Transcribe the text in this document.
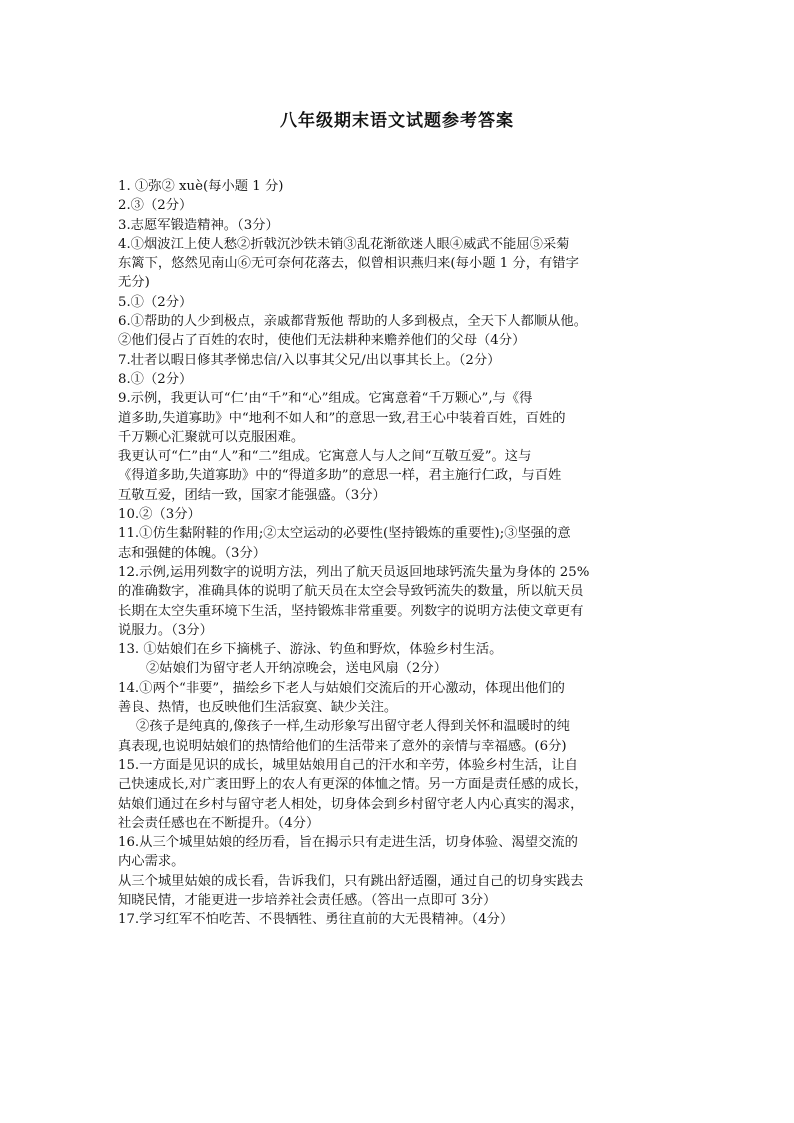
八年级期末语文试题参考答案
1. ①弥② xuè(每小题 1 分)
2.③（2分）
3.志愿军锻造精神。（3分）
4.①烟波江上使人愁②折戟沉沙铁未销③乱花渐欲迷人眼④威武不能屈⑤采菊
东篱下，悠然见南山⑥无可奈何花落去，似曾相识燕归来(每小题 1 分，有错字
无分)
5.①（2分）
6.①帮助的人少到极点，亲戚都背叛他 帮助的人多到极点，全天下人都顺从他。
②他们侵占了百姓的农时，使他们无法耕种来赡养他们的父母（4分）
7.壮者以暇日修其孝悌忠信/入以事其父兄/出以事其长上。（2分）
8.①（2分）
9.示例，我更认可“仁’由“千”和“心”组成。它寓意着“千万颗心”,与《得
道多助,失道寡助》中“地利不如人和”的意思一致,君王心中装着百姓，百姓的
千万颗心汇聚就可以克服困难。
我更认可“仁”由“人”和“二”组成。它寓意人与人之间“互敬互爱”。这与
《得道多助,失道寡助》中的“得道多助”的意思一样，君主施行仁政，与百姓
互敬互爱，团结一致，国家才能强盛。（3分）
10.②（3分）
11.①仿生黏附鞋的作用;②太空运动的必要性(坚持锻炼的重要性);③坚强的意
志和强健的体魄。（3分）
12.示例,运用列数字的说明方法，列出了航天员返回地球钙流失量为身体的 25%
的准确数字，准确具体的说明了航天员在太空会导致钙流失的数量，所以航天员
长期在太空失重环境下生活，坚持锻炼非常重要。列数字的说明方法使文章更有
说服力。（3分）
13. ①姑娘们在乡下摘桃子、游泳、钓鱼和野炊，体验乡村生活。
②姑娘们为留守老人开纳凉晚会，送电风扇（2分）
14.①两个“非要”，描绘乡下老人与姑娘们交流后的开心激动，体现出他们的
善良、热情，也反映他们生活寂寞、缺少关注。
②孩子是纯真的,像孩子一样,生动形象写出留守老人得到关怀和温暖时的纯
真表现,也说明姑娘们的热情给他们的生活带来了意外的亲情与幸福感。(6分)
15.一方面是见识的成长，城里姑娘用自己的汗水和辛劳，体验乡村生活，让自
己快速成长,对广袤田野上的农人有更深的体恤之情。另一方面是责任感的成长，
姑娘们通过在乡村与留守老人相处，切身体会到乡村留守老人内心真实的渴求，
社会责任感也在不断提升。（4分）
16.从三个城里姑娘的经历看，旨在揭示只有走进生活，切身体验、渴望交流的
内心需求。
从三个城里姑娘的成长看，告诉我们，只有跳出舒适圈，通过自己的切身实践去
知晓民情，才能更进一步培养社会责任感。（答出一点即可 3分）
17.学习红军不怕吃苦、不畏牺牲、勇往直前的大无畏精神。（4分）
